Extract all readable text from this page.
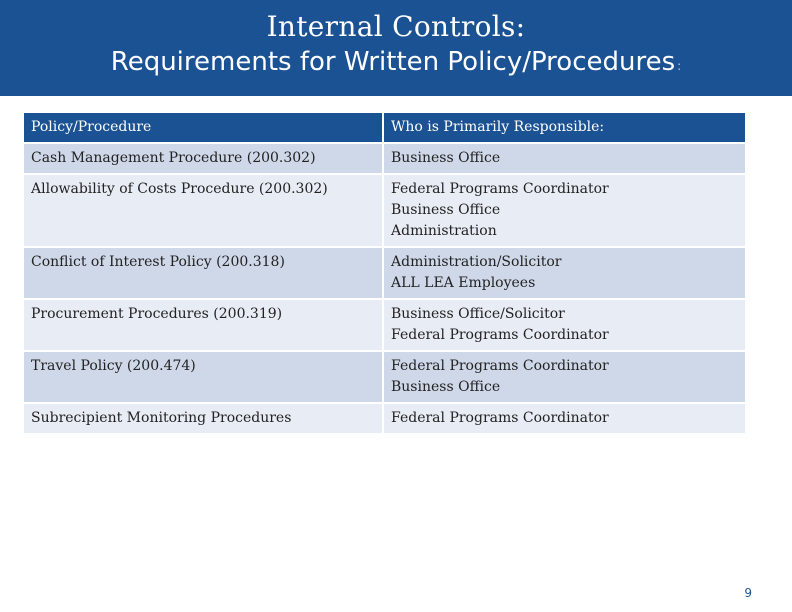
Internal Controls:
Requirements for Written Policy/Procedures :
Policy/Procedure	Who is Primarily Responsible:
Cash Management Procedure (200.302)	Business Office

Allowability of Costs Procedure (200.302)	Federal Programs Coordinator
Business Office
Administration

Conflict of Interest Policy (200.318)	Administration/Solicitor
ALL LEA Employees

Procurement Procedures (200.319)	Business Office/Solicitor
Federal Programs Coordinator

Travel Policy (200.474)	Federal Programs Coordinator
Business Office

Subrecipient Monitoring Procedures	Federal Programs Coordinator
9
